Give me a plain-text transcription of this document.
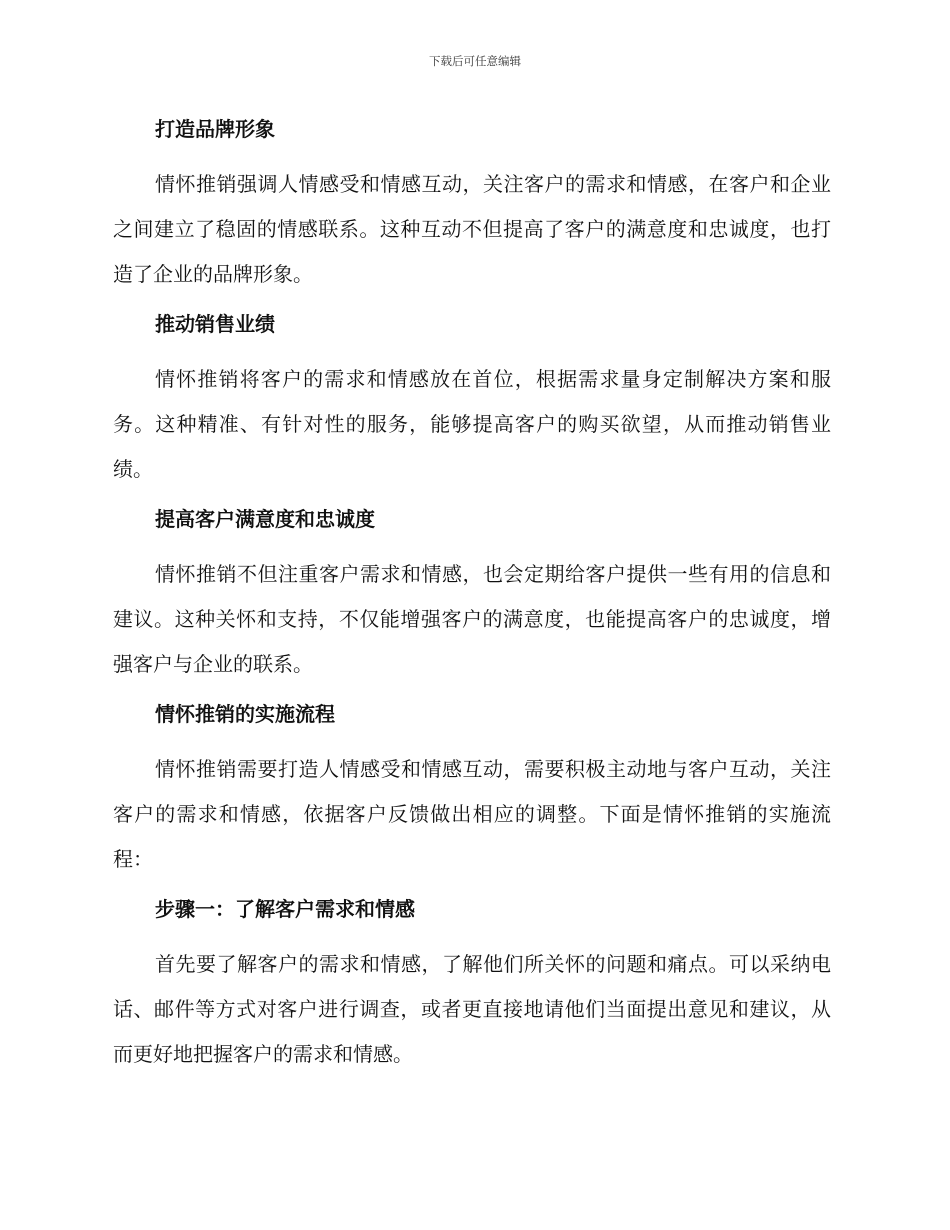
下载后可任意编辑
打造品牌形象
情怀推销强调人情感受和情感互动，关注客户的需求和情感，在客户和企业之间建立了稳固的情感联系。这种互动不但提高了客户的满意度和忠诚度，也打造了企业的品牌形象。
推动销售业绩
情怀推销将客户的需求和情感放在首位，根据需求量身定制解决方案和服务。这种精准、有针对性的服务，能够提高客户的购买欲望，从而推动销售业绩。
提高客户满意度和忠诚度
情怀推销不但注重客户需求和情感，也会定期给客户提供一些有用的信息和建议。这种关怀和支持，不仅能增强客户的满意度，也能提高客户的忠诚度，增强客户与企业的联系。
情怀推销的实施流程
情怀推销需要打造人情感受和情感互动，需要积极主动地与客户互动，关注客户的需求和情感，依据客户反馈做出相应的调整。下面是情怀推销的实施流程：
步骤一：了解客户需求和情感
首先要了解客户的需求和情感，了解他们所关怀的问题和痛点。可以采纳电话、邮件等方式对客户进行调查，或者更直接地请他们当面提出意见和建议，从而更好地把握客户的需求和情感。
